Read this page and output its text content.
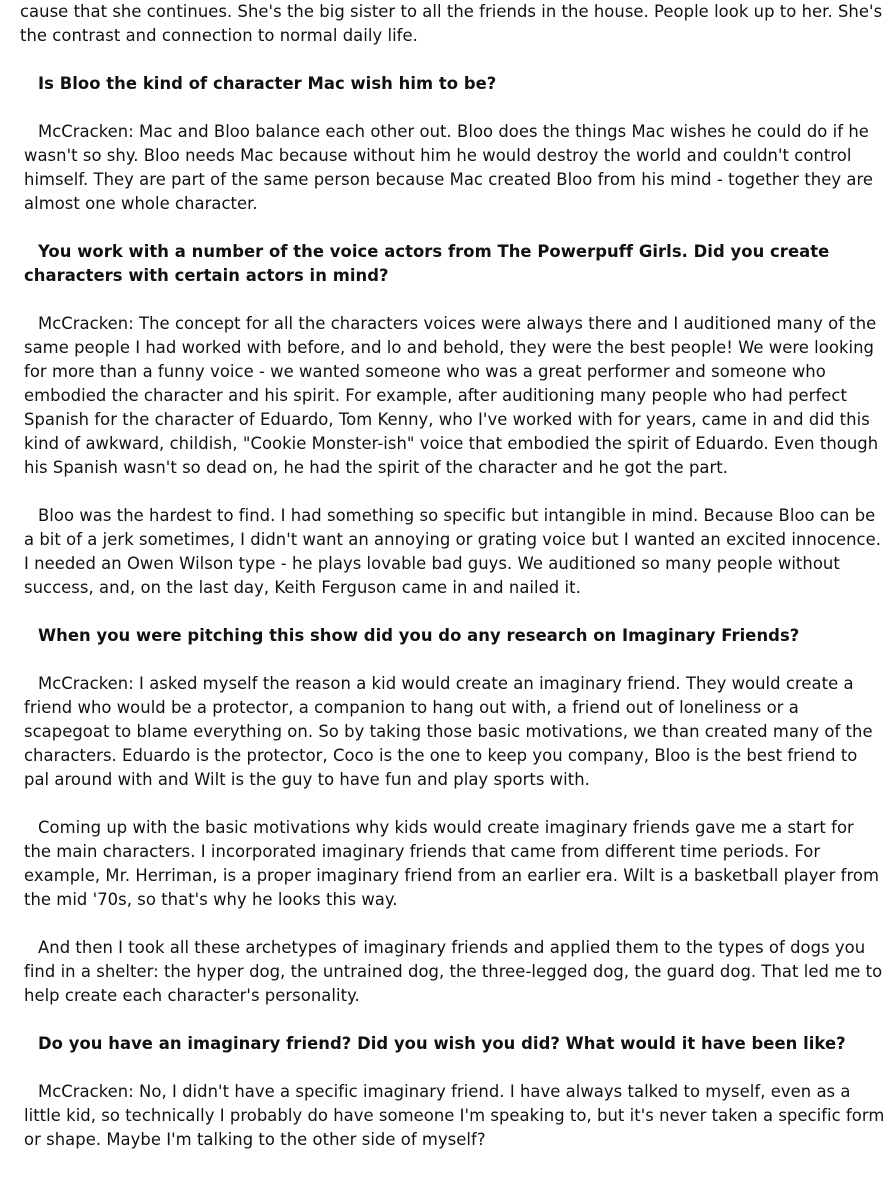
cause that she continues. She's the big sister to all the friends in the house. People look up to her. She's the contrast and connection to normal daily life.

Is Bloo the kind of character Mac wish him to be?

McCracken: Mac and Bloo balance each other out. Bloo does the things Mac wishes he could do if he wasn't so shy. Bloo needs Mac because without him he would destroy the world and couldn't control himself. They are part of the same person because Mac created Bloo from his mind - together they are almost one whole character.

You work with a number of the voice actors from The Powerpuff Girls. Did you create characters with certain actors in mind?

McCracken: The concept for all the characters voices were always there and I auditioned many of the same people I had worked with before, and lo and behold, they were the best people! We were looking for more than a funny voice - we wanted someone who was a great performer and someone who embodied the character and his spirit. For example, after auditioning many people who had perfect Spanish for the character of Eduardo, Tom Kenny, who I've worked with for years, came in and did this kind of awkward, childish, "Cookie Monster-ish" voice that embodied the spirit of Eduardo. Even though his Spanish wasn't so dead on, he had the spirit of the character and he got the part.

Bloo was the hardest to find. I had something so specific but intangible in mind. Because Bloo can be a bit of a jerk sometimes, I didn't want an annoying or grating voice but I wanted an excited innocence. I needed an Owen Wilson type - he plays lovable bad guys. We auditioned so many people without success, and, on the last day, Keith Ferguson came in and nailed it.

When you were pitching this show did you do any research on Imaginary Friends?

McCracken: I asked myself the reason a kid would create an imaginary friend. They would create a friend who would be a protector, a companion to hang out with, a friend out of loneliness or a scapegoat to blame everything on. So by taking those basic motivations, we than created many of the characters. Eduardo is the protector, Coco is the one to keep you company, Bloo is the best friend to pal around with and Wilt is the guy to have fun and play sports with.

Coming up with the basic motivations why kids would create imaginary friends gave me a start for the main characters. I incorporated imaginary friends that came from different time periods. For example, Mr. Herriman, is a proper imaginary friend from an earlier era. Wilt is a basketball player from the mid '70s, so that's why he looks this way.

And then I took all these archetypes of imaginary friends and applied them to the types of dogs you find in a shelter: the hyper dog, the untrained dog, the three-legged dog, the guard dog. That led me to help create each character's personality.

Do you have an imaginary friend? Did you wish you did? What would it have been like?

McCracken: No, I didn't have a specific imaginary friend. I have always talked to myself, even as a little kid, so technically I probably do have someone I'm speaking to, but it's never taken a specific form or shape. Maybe I'm talking to the other side of myself?
